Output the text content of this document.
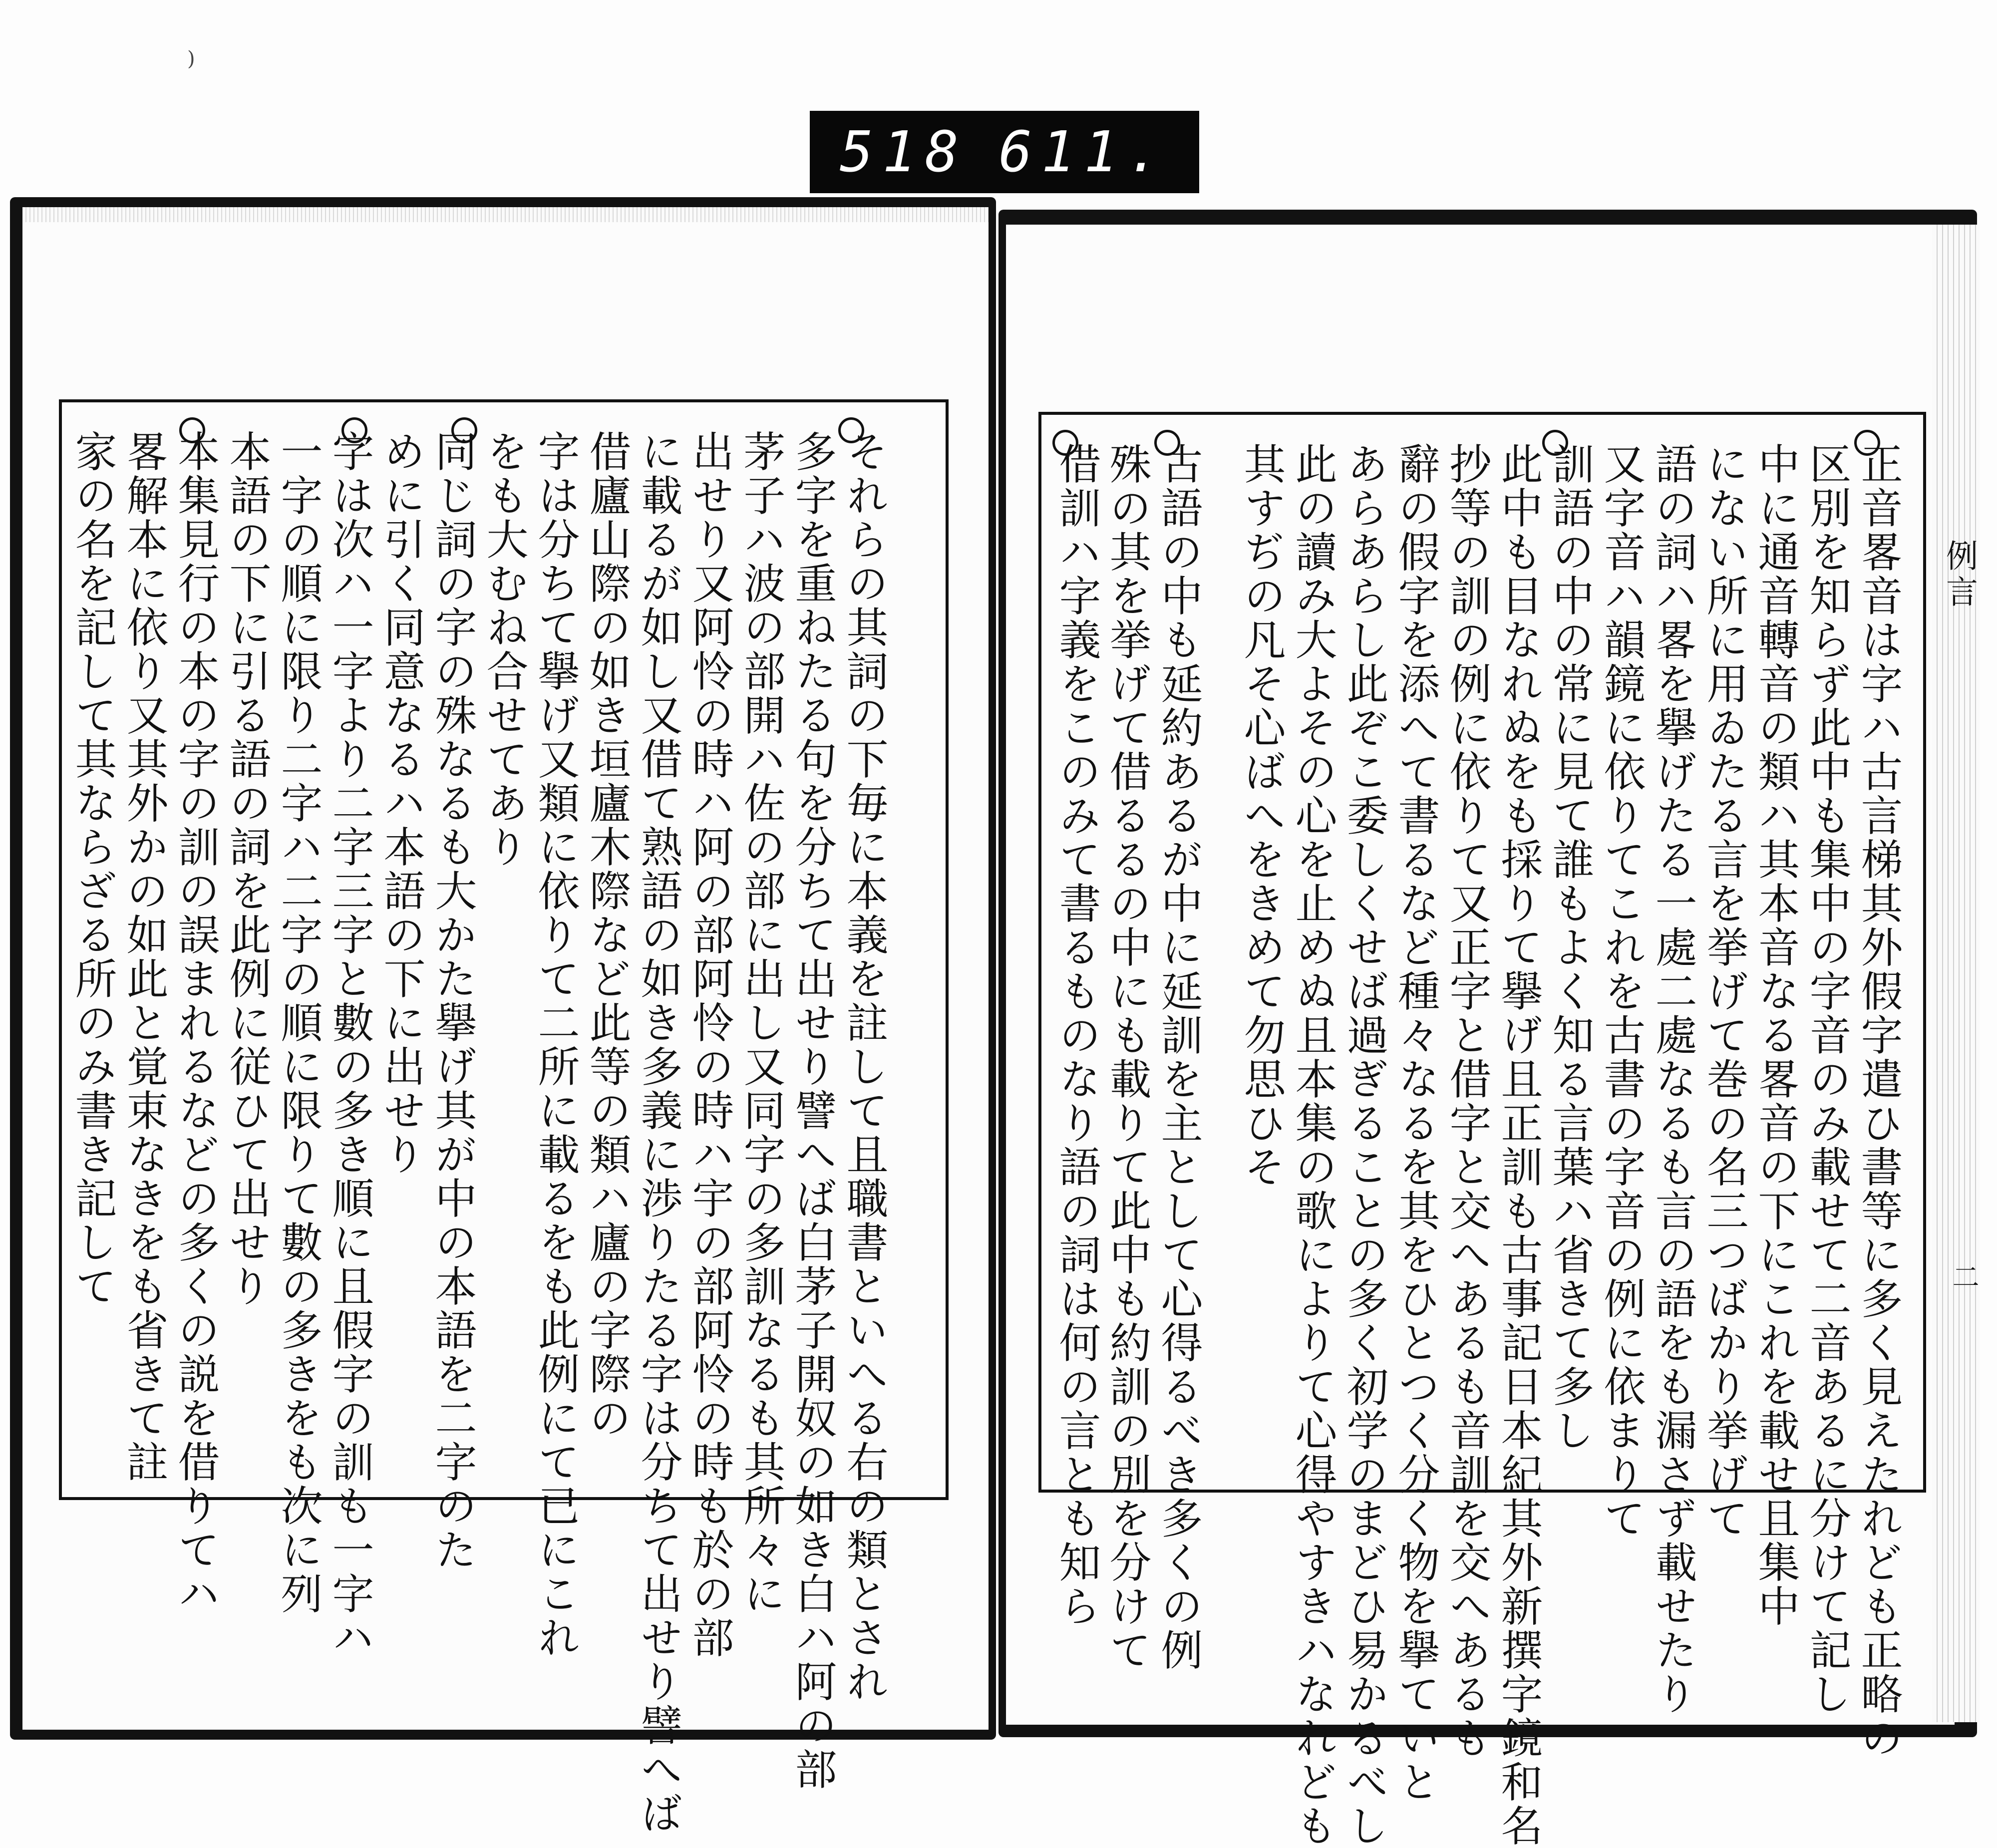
)
518 611.
例言
二
正音畧音は字ハ古言梯其外假字遣ひ書等に多く見えたれども正略の
区別を知らず此中も集中の字音のみ載せて二音あるに分けて記し
中に通音轉音の類ハ其本音なる畧音の下にこれを載せ且集中
にない所に用ゐたる言を挙げて巻の名三つばかり挙げて
語の詞ハ畧を擧げたる一處二處なるも言の語をも漏さず載せたり
又字音ハ韻鏡に依りてこれを古書の字音の例に依まりて
訓語の中の常に見て誰もよく知る言葉ハ省きて多し
此中も目なれぬをも採りて擧げ且正訓も古事記日本紀其外新撰字鏡和名
抄等の訓の例に依りて又正字と借字と交へあるも音訓を交へあるも
辭の假字を添へて書るなど種々なるを其をひとつく分く物を擧ていと
あらあらし此ぞこ委しくせば過ぎることの多く初学のまどひ易かるべし
此の讀み大よその心を止めぬ且本集の歌によりて心得やすきハなれども
其すぢの凡そ心ばへをきめて勿思ひそ
古語の中も延約あるが中に延訓を主として心得るべき多くの例
殊の其を挙げて借るるの中にも載りて此中も約訓の別を分けて
借訓ハ字義をこのみて書るものなり語の詞は何の言とも知ら
それらの其詞の下毎に本義を註して且職書といへる右の類とされ
多字を重ねたる句を分ちて出せり譬へば白茅子開奴の如き白ハ阿の部
茅子ハ波の部開ハ佐の部に出し又同字の多訓なるも其所々に
出せり又阿怜の時ハ阿の部阿怜の時ハ宇の部阿怜の時も於の部
に載るが如し又借て熟語の如き多義に渉りたる字は分ちて出せり譬へば
借廬山際の如き垣廬木際など此等の類ハ廬の字際の
字は分ちて擧げ又類に依りて二所に載るをも此例にて已にこれ
をも大むね合せてあり
同じ詞の字の殊なるも大かた擧げ其が中の本語を二字のた
めに引く同意なるハ本語の下に出せり
字は次ハ一字より二字三字と數の多き順に且假字の訓も一字ハ
一字の順に限り二字ハ二字の順に限りて數の多きをも次に列
本語の下に引る語の詞を此例に従ひて出せり
本集見行の本の字の訓の誤まれるなどの多くの説を借りてハ
畧解本に依り又其外かの如此と覚束なきをも省きて註
家の名を記して其ならざる所のみ書き記して
